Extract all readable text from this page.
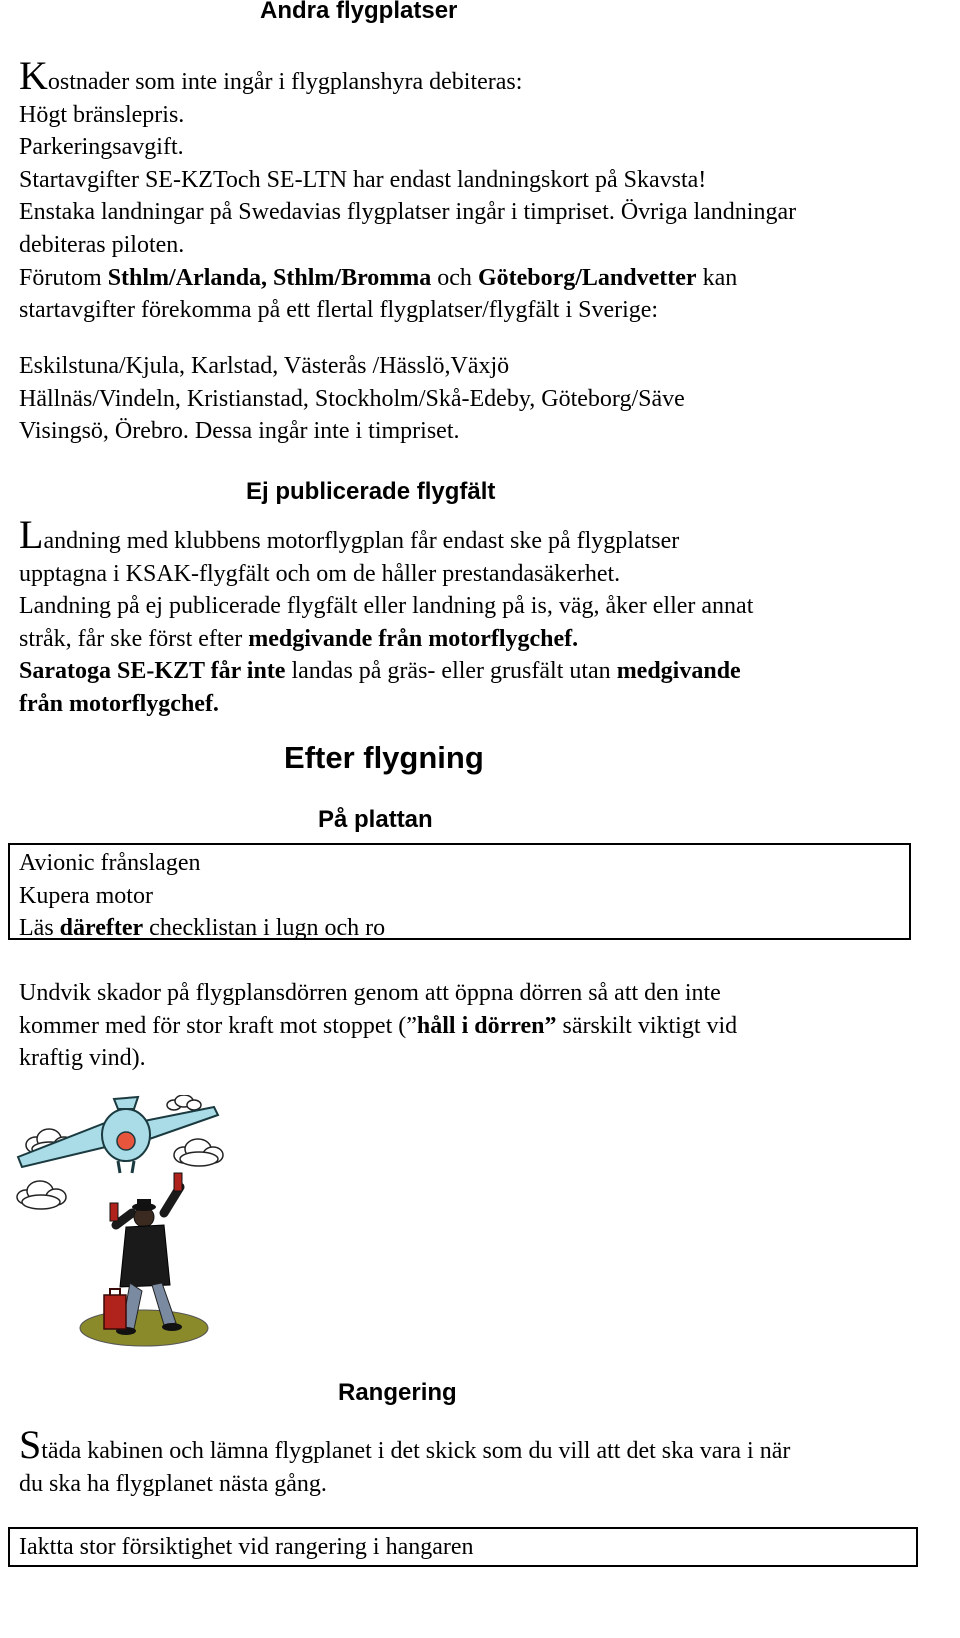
Andra flygplatser
Kostnader som inte ingår i flygplanshyra debiteras:
Högt bränslepris.
Parkeringsavgift.
Startavgifter SE-KZToch SE-LTN har endast landningskort på Skavsta!
Enstaka landningar på Swedavias flygplatser ingår i timpriset. Övriga landningar
debiteras piloten.
Förutom Sthlm/Arlanda, Sthlm/Bromma och Göteborg/Landvetter kan
startavgifter förekomma på ett flertal flygplatser/flygfält i Sverige:
Eskilstuna/Kjula, Karlstad, Västerås /Hässlö,Växjö
Hällnäs/Vindeln, Kristianstad, Stockholm/Skå-Edeby, Göteborg/Säve
Visingsö, Örebro. Dessa ingår inte i timpriset.
Ej publicerade flygfält
Landning med klubbens motorflygplan får endast ske på flygplatser
upptagna i KSAK-flygfält och om de håller prestandasäkerhet.
Landning på ej publicerade flygfält eller landning på is, väg, åker eller annat
stråk, får ske först efter medgivande från motorflygchef.
Saratoga SE-KZT får inte landas på gräs- eller grusfält utan medgivande
från motorflygchef.
Efter flygning
På plattan
Avionic frånslagen
Kupera motor
Läs därefter checklistan i lugn och ro
Undvik skador på flygplansdörren genom att öppna dörren så att den inte
kommer med för stor kraft mot stoppet (”håll i dörren” särskilt viktigt vid
kraftig vind).
Rangering
Städa kabinen och lämna flygplanet i det skick som du vill att det ska vara i när
du ska ha flygplanet nästa gång.
Iaktta stor försiktighet vid rangering i hangaren
